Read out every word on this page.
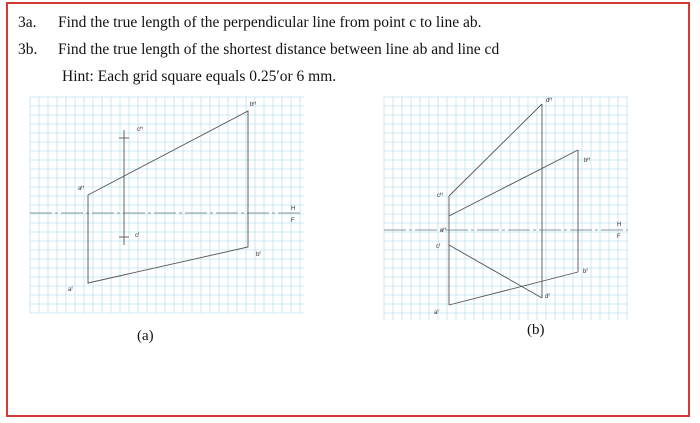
3a. Find the true length of the perpendicular line from point c to line ab.
3b. Find the true length of the shortest distance between line ab and line cd
Hint: Each grid square equals 0.25′or 6 mm.
aᴴ
bᴴ
cᴴ
aᶠ
bᶠ
cᶠ
H
F
(a)
dᴴ
bᴴ
cᴴ
aᴴ
cᶠ
bᶠ
dᶠ
aᶠ
H
F
(b)
